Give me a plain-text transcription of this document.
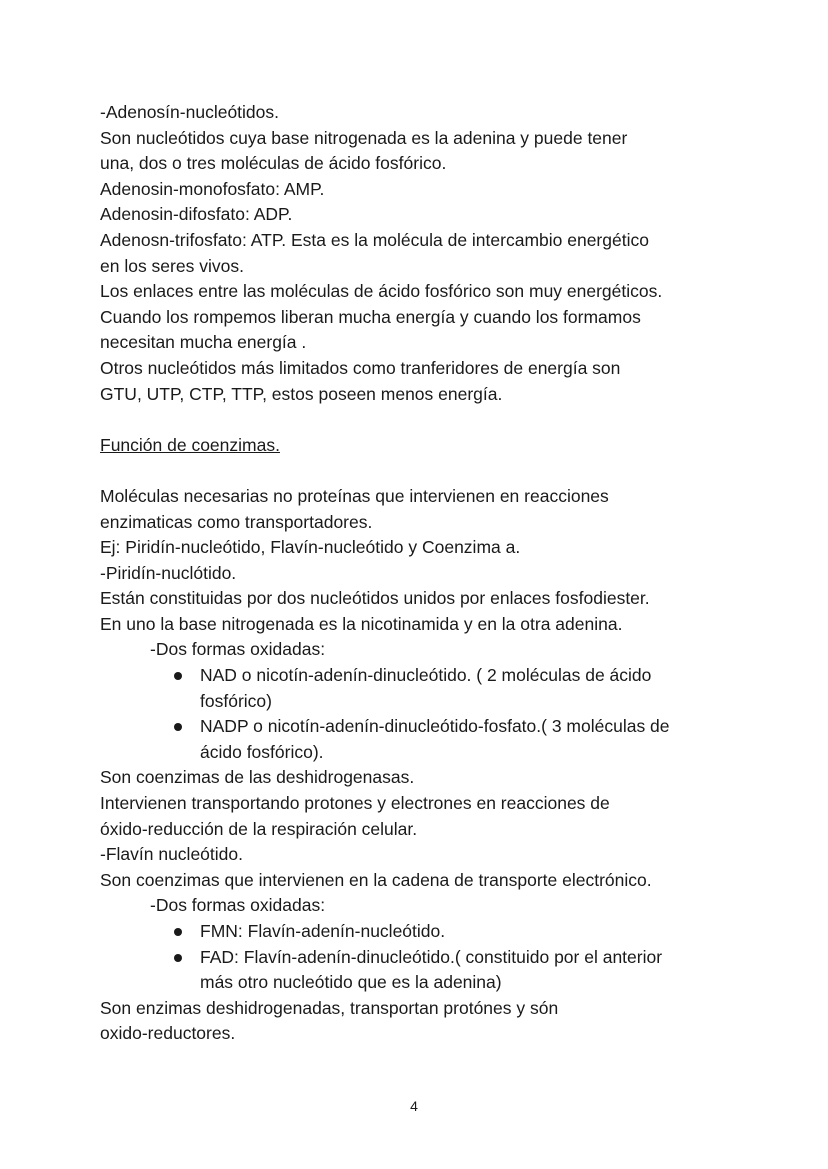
-Adenosín-nucleótidos.
Son nucleótidos cuya base nitrogenada es la adenina y puede tener
una, dos o tres moléculas de ácido fosfórico.
Adenosin-monofosfato: AMP.
Adenosin-difosfato: ADP.
Adenosn-trifosfato: ATP. Esta es la molécula de intercambio energético
en los seres vivos.
Los enlaces entre las moléculas de ácido fosfórico son muy energéticos.
Cuando los rompemos liberan mucha energía y cuando los formamos
necesitan mucha energía .
Otros nucleótidos más limitados como tranferidores de energía son
GTU, UTP, CTP, TTP, estos poseen menos energía.
Función de coenzimas.
Moléculas necesarias no proteínas que intervienen en reacciones
enzimaticas como transportadores.
Ej: Piridín-nucleótido, Flavín-nucleótido y Coenzima a.
-Piridín-nuclótido.
Están constituidas por dos nucleótidos unidos por enlaces fosfodiester.
En uno la base nitrogenada es la nicotinamida y en la otra adenina.
-Dos formas oxidadas:
NAD o nicotín-adenín-dinucleótido. ( 2 moléculas de ácido
fosfórico)
NADP o nicotín-adenín-dinucleótido-fosfato.( 3 moléculas de
ácido fosfórico).
Son coenzimas de las deshidrogenasas.
Intervienen transportando protones y electrones en reacciones de
óxido-reducción de la respiración celular.
-Flavín nucleótido.
Son coenzimas que intervienen en la cadena de transporte electrónico.
-Dos formas oxidadas:
FMN: Flavín-adenín-nucleótido.
FAD: Flavín-adenín-dinucleótido.( constituido por el anterior
más otro nucleótido que es la adenina)
Son enzimas deshidrogenadas, transportan protónes y són
oxido-reductores.
4
